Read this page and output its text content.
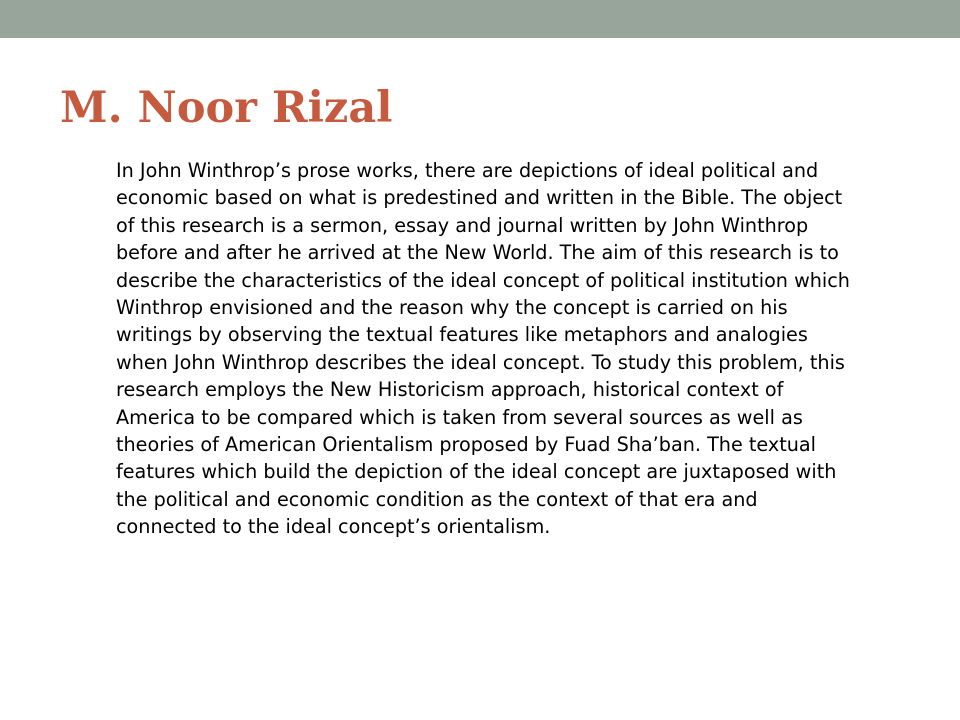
M. Noor Rizal

In John Winthrop’s prose works, there are depictions of ideal political and economic based on what is predestined and written in the Bible. The object of this research is a sermon, essay and journal written by John Winthrop before and after he arrived at the New World. The aim of this research is to describe the characteristics of the ideal concept of political institution which Winthrop envisioned and the reason why the concept is carried on his writings by observing the textual features like metaphors and analogies when John Winthrop describes the ideal concept. To study this problem, this research employs the New Historicism approach, historical context of America to be compared which is taken from several sources as well as theories of American Orientalism proposed by Fuad Sha’ban. The textual features which build the depiction of the ideal concept are juxtaposed with the political and economic condition as the context of that era and connected to the ideal concept’s orientalism.
